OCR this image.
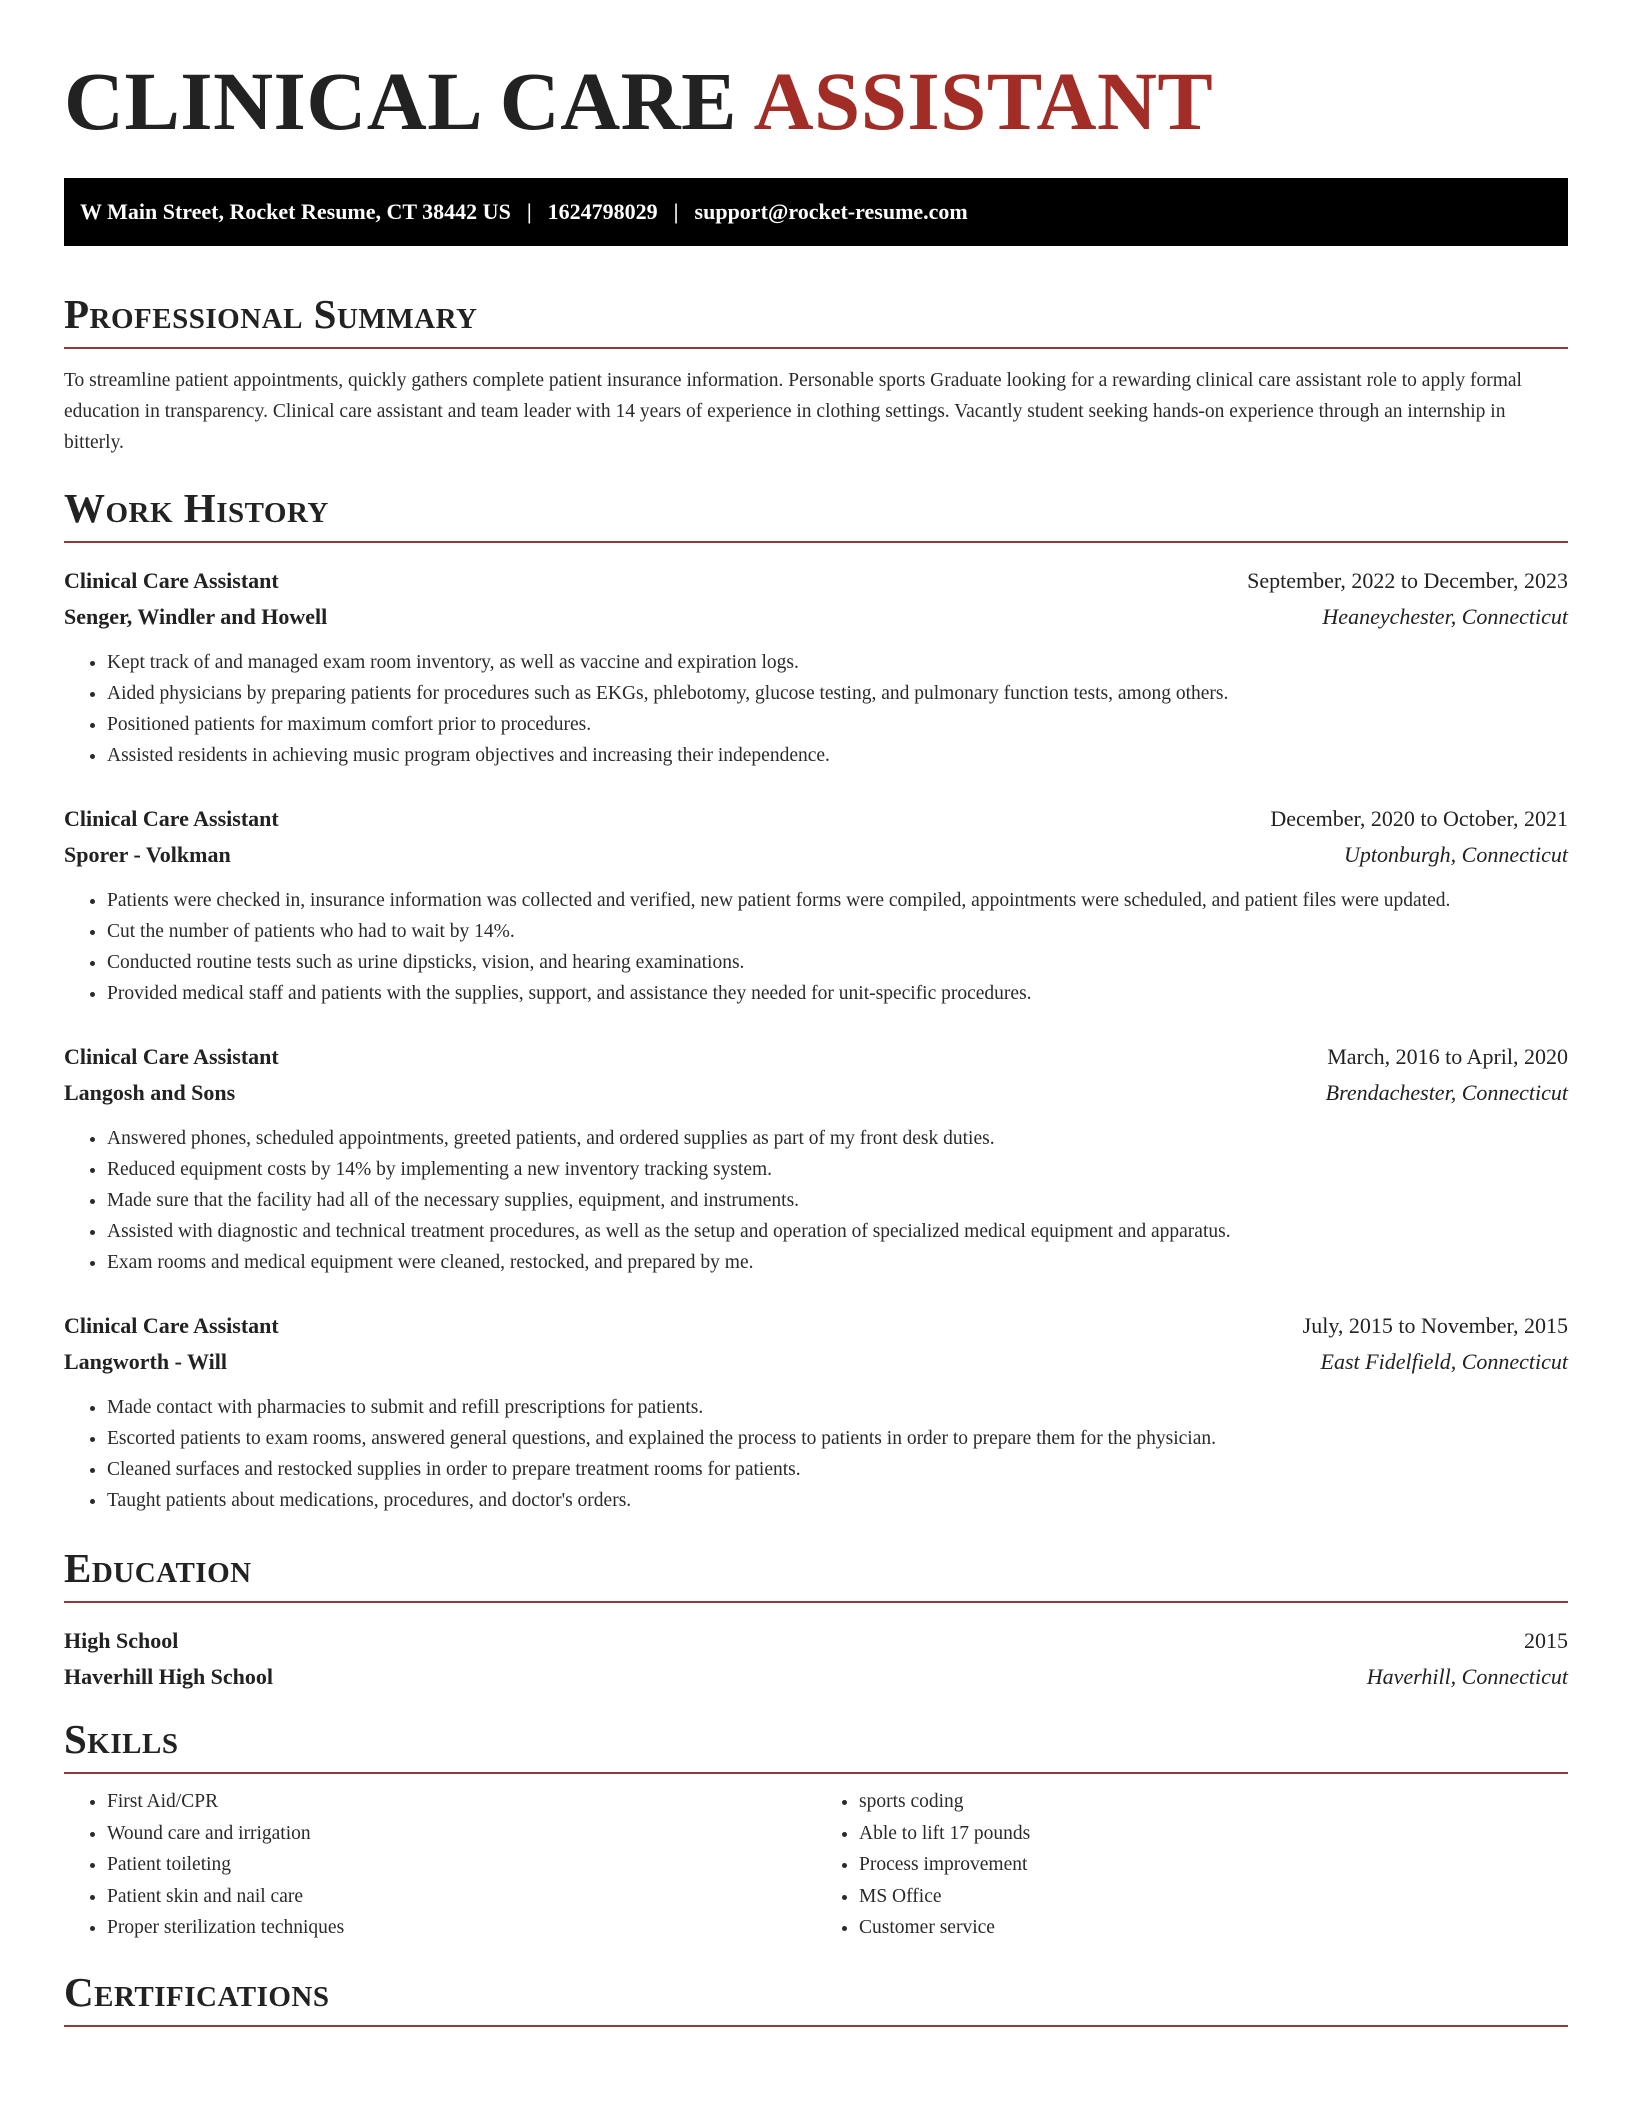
CLINICAL CARE ASSISTANT
W Main Street, Rocket Resume, CT 38442 US | 1624798029 | support@rocket-resume.com
Professional Summary

To streamline patient appointments, quickly gathers complete patient insurance information. Personable sports Graduate looking for a rewarding clinical care assistant role to apply formal education in transparency. Clinical care assistant and team leader with 14 years of experience in clothing settings. Vacantly student seeking hands-on experience through an internship in bitterly.

Work History
Clinical Care Assistant	September, 2022 to December, 2023
Senger, Windler and Howell	Heaneychester, Connecticut
• Kept track of and managed exam room inventory, as well as vaccine and expiration logs.
• Aided physicians by preparing patients for procedures such as EKGs, phlebotomy, glucose testing, and pulmonary function tests, among others.
• Positioned patients for maximum comfort prior to procedures.
• Assisted residents in achieving music program objectives and increasing their independence.
Clinical Care Assistant	December, 2020 to October, 2021
Sporer - Volkman	Uptonburgh, Connecticut
• Patients were checked in, insurance information was collected and verified, new patient forms were compiled, appointments were scheduled, and patient files were updated.
• Cut the number of patients who had to wait by 14%.
• Conducted routine tests such as urine dipsticks, vision, and hearing examinations.
• Provided medical staff and patients with the supplies, support, and assistance they needed for unit-specific procedures.
Clinical Care Assistant	March, 2016 to April, 2020
Langosh and Sons	Brendachester, Connecticut
• Answered phones, scheduled appointments, greeted patients, and ordered supplies as part of my front desk duties.
• Reduced equipment costs by 14% by implementing a new inventory tracking system.
• Made sure that the facility had all of the necessary supplies, equipment, and instruments.
• Assisted with diagnostic and technical treatment procedures, as well as the setup and operation of specialized medical equipment and apparatus.
• Exam rooms and medical equipment were cleaned, restocked, and prepared by me.
Clinical Care Assistant	July, 2015 to November, 2015
Langworth - Will	East Fidelfield, Connecticut
• Made contact with pharmacies to submit and refill prescriptions for patients.
• Escorted patients to exam rooms, answered general questions, and explained the process to patients in order to prepare them for the physician.
• Cleaned surfaces and restocked supplies in order to prepare treatment rooms for patients.
• Taught patients about medications, procedures, and doctor's orders.
Education
High School	2015
Haverhill High School	Haverhill, Connecticut
Skills
• First Aid/CPR
• Wound care and irrigation
• Patient toileting
• Patient skin and nail care
• Proper sterilization techniques
• sports coding
• Able to lift 17 pounds
• Process improvement
• MS Office
• Customer service
Certifications
